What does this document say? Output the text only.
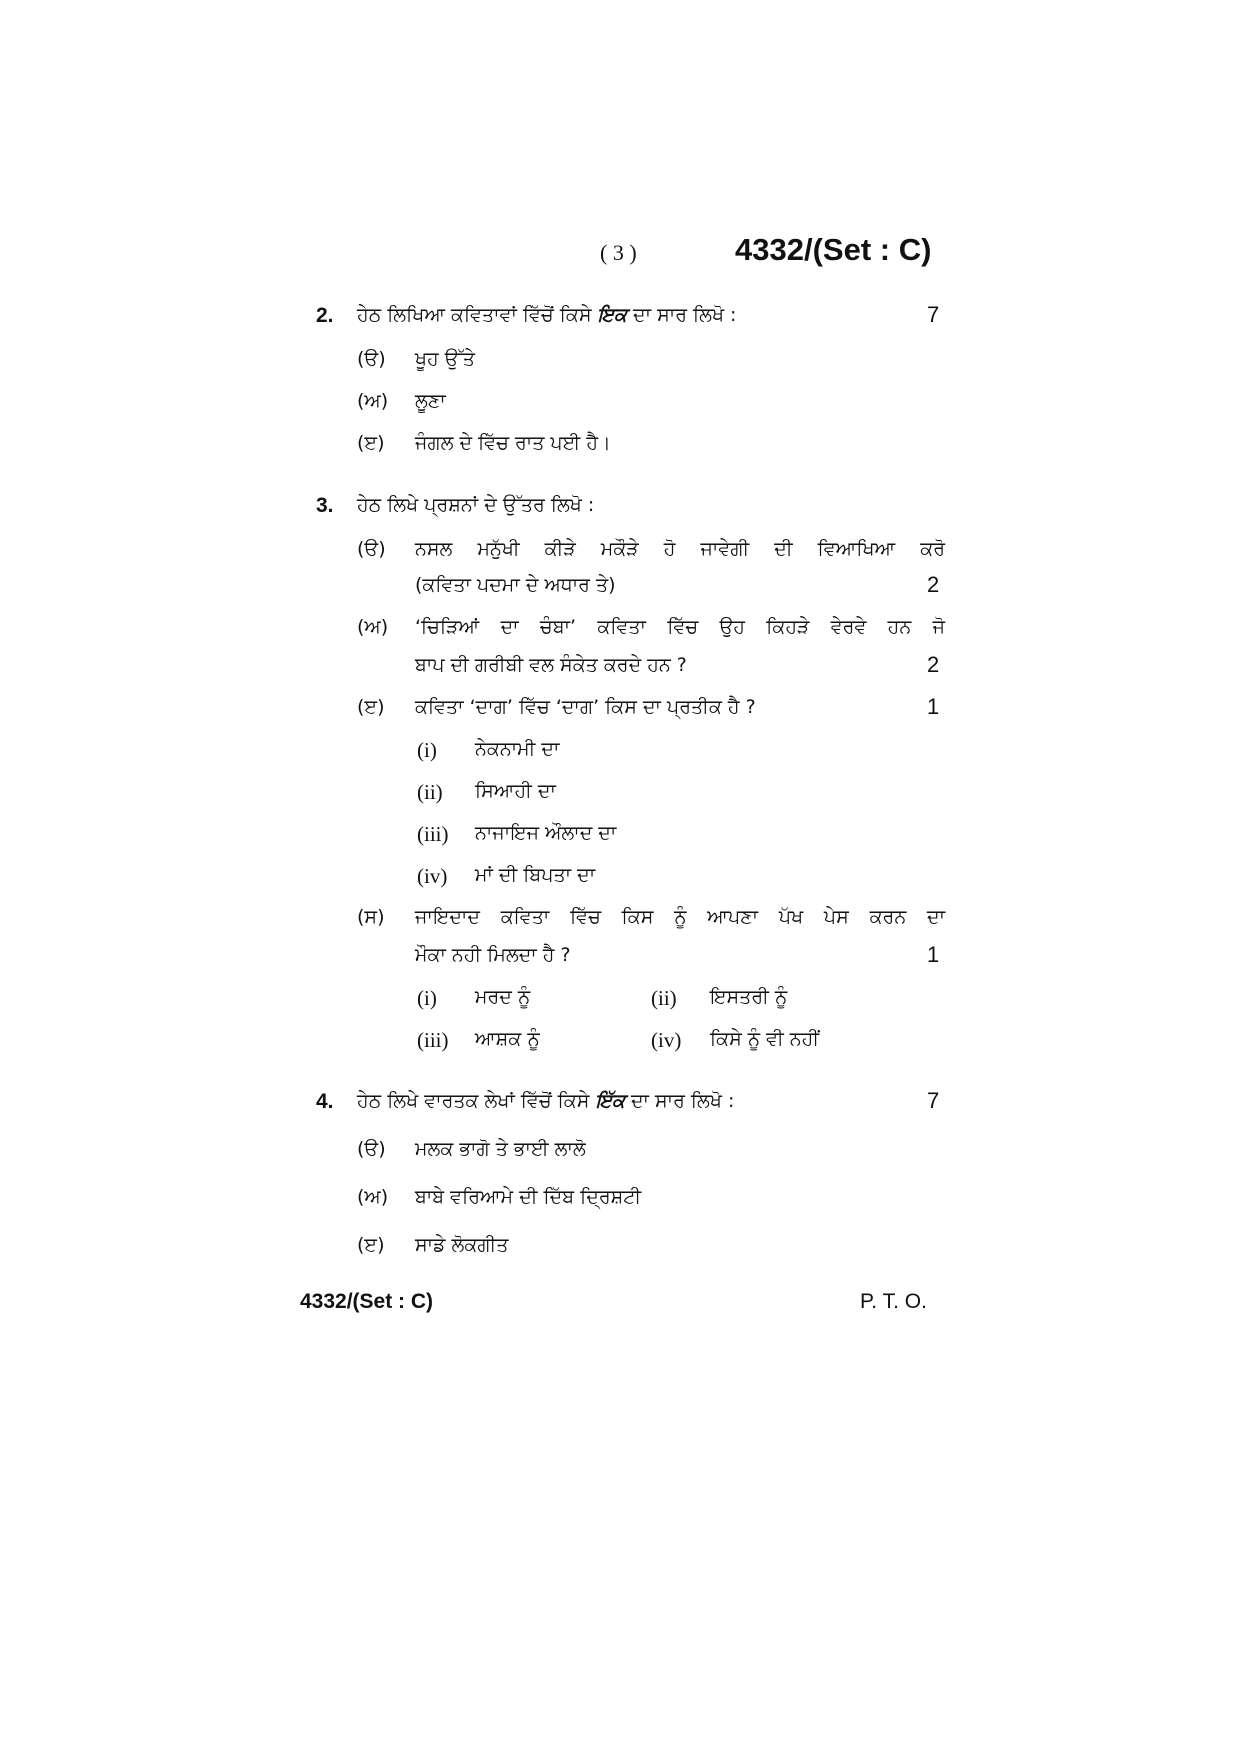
( 3 )	4332/(Set : C)
2. ਹੇਠ ਲਿਖਿਆ ਕਵਿਤਾਵਾਂ ਵਿੱਚੋਂ ਕਿਸੇ ਇਕ ਦਾ ਸਾਰ ਲਿਖੋ :	7
(ੳ) ਖੂਹ ਉੱਤੇ
(ਅ) ਲੂਣਾ
(ੲ) ਜੰਗਲ ਦੇ ਵਿੱਚ ਰਾਤ ਪਈ ਹੈ।
3. ਹੇਠ ਲਿਖੇ ਪ੍ਰਸ਼ਨਾਂ ਦੇ ਉੱਤਰ ਲਿਖੋ :
(ੳ) ਨਸਲ ਮਨੁੱਖੀ ਕੀੜੇ ਮਕੌੜੇ ਹੋ ਜਾਵੇਗੀ ਦੀ ਵਿਆਖਿਆ ਕਰੋ
(ਕਵਿਤਾ ਪਦਮਾ ਦੇ ਅਧਾਰ ਤੇ)	2
(ਅ) ‘ਚਿੜਿਆਂ ਦਾ ਚੰਬਾ’ ਕਵਿਤਾ ਵਿੱਚ ਉਹ ਕਿਹੜੇ ਵੇਰਵੇ ਹਨ ਜੋ
ਬਾਪ ਦੀ ਗਰੀਬੀ ਵਲ ਸੰਕੇਤ ਕਰਦੇ ਹਨ ?	2
(ੲ) ਕਵਿਤਾ ‘ਦਾਗ’ ਵਿੱਚ ‘ਦਾਗ’ ਕਿਸ ਦਾ ਪ੍ਰਤੀਕ ਹੈ ?	1
(i) ਨੇਕਨਾਮੀ ਦਾ
(ii) ਸਿਆਹੀ ਦਾ
(iii) ਨਾਜਾਇਜ ਔਲਾਦ ਦਾ
(iv) ਮਾਂ ਦੀ ਬਿਪਤਾ ਦਾ
(ਸ) ਜਾਇਦਾਦ ਕਵਿਤਾ ਵਿੱਚ ਕਿਸ ਨੂੰ ਆਪਣਾ ਪੱਖ ਪੇਸ ਕਰਨ ਦਾ
ਮੌਕਾ ਨਹੀ ਮਿਲਦਾ ਹੈ ?	1
(i) ਮਰਦ ਨੂੰ	(ii) ਇਸਤਰੀ ਨੂੰ
(iii) ਆਸ਼ਕ ਨੂੰ	(iv) ਕਿਸੇ ਨੂੰ ਵੀ ਨਹੀਂ
4. ਹੇਠ ਲਿਖੇ ਵਾਰਤਕ ਲੇਖਾਂ ਵਿੱਚੋਂ ਕਿਸੇ ਇੱਕ ਦਾ ਸਾਰ ਲਿਖੋ :	7
(ੳ) ਮਲਕ ਭਾਗੋ ਤੇ ਭਾਈ ਲਾਲੋ
(ਅ) ਬਾਬੇ ਵਰਿਆਮੇ ਦੀ ਦਿੱਬ ਦ੍ਰਿਸ਼ਟੀ
(ੲ) ਸਾਡੇ ਲੋਕਗੀਤ
4332/(Set : C)	P. T. O.
